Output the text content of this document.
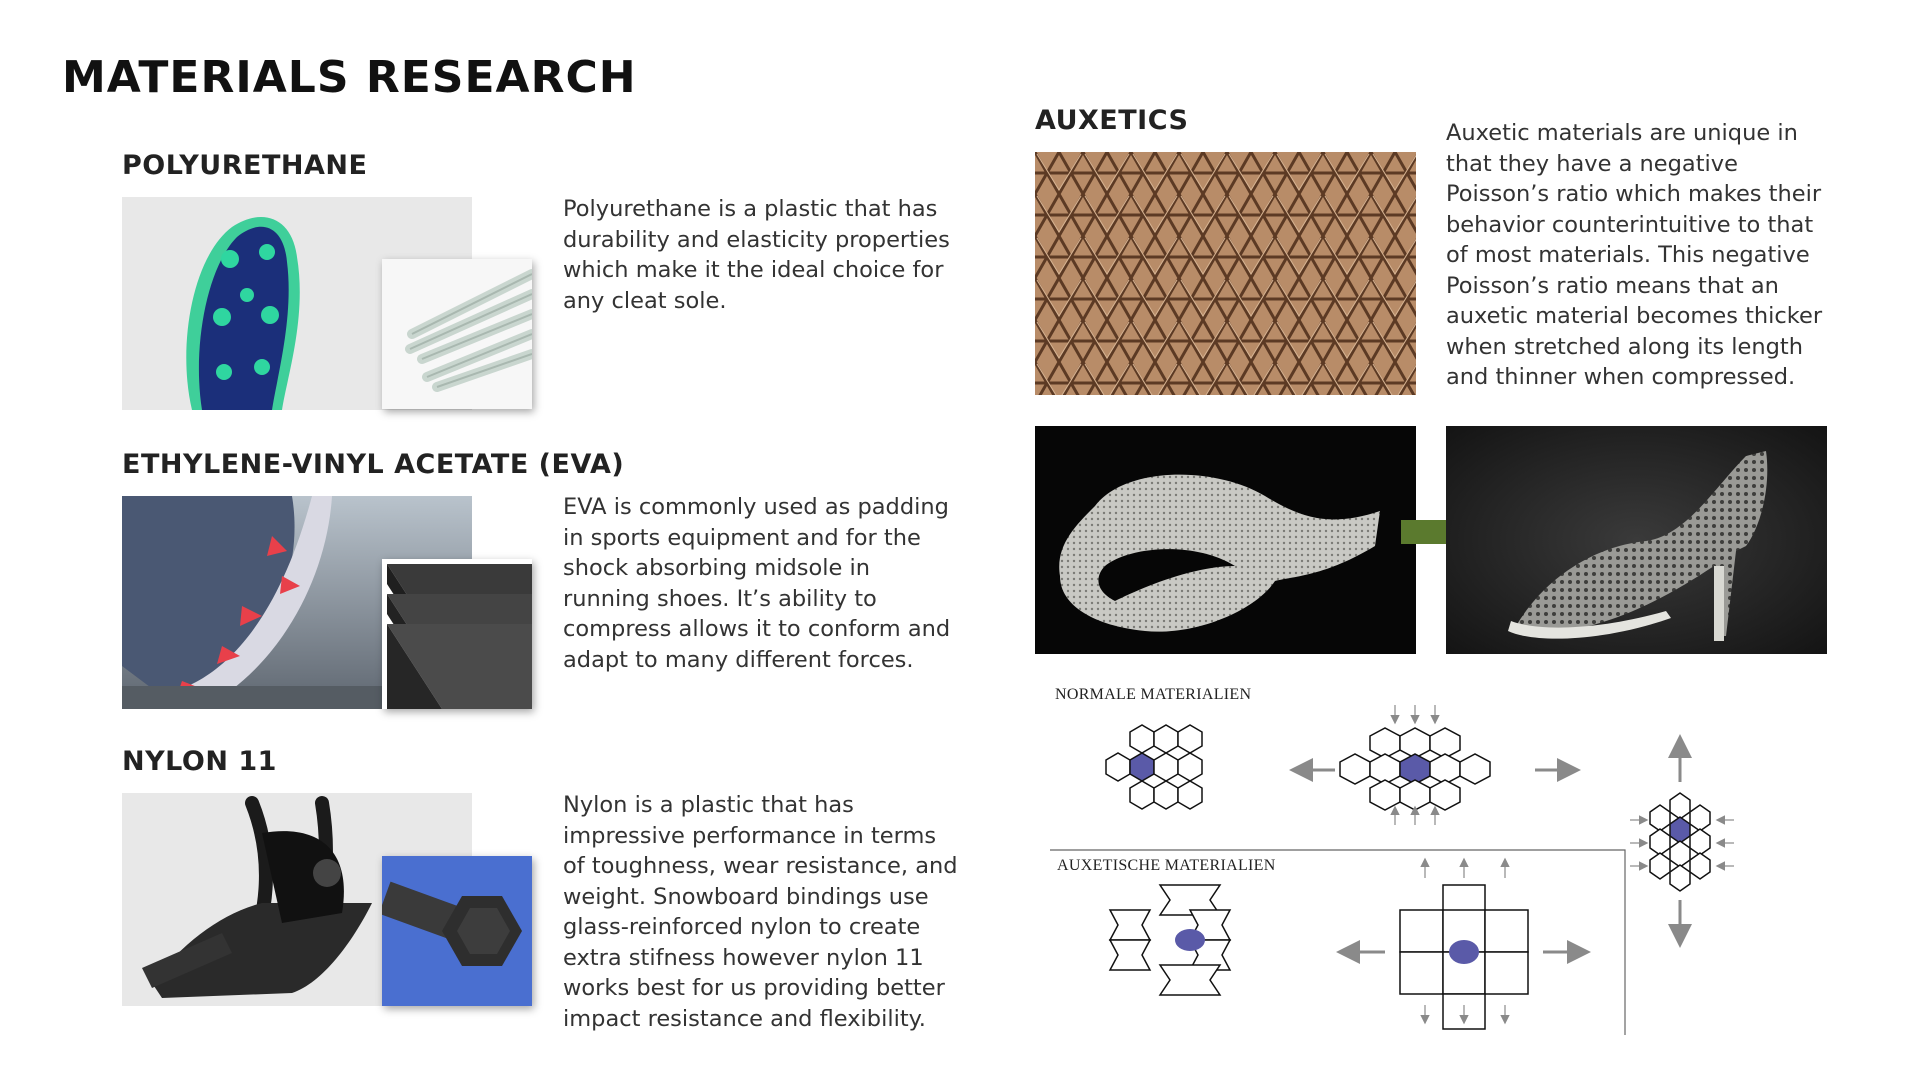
MATERIALS RESEARCH
POLYURETHANE
Polyurethane is a plastic that has durability and elasticity properties which make it the ideal choice for any cleat sole.
ETHYLENE-VINYL ACETATE (EVA)
EVA is commonly used as padding in sports equipment and for the shock absorbing midsole in running shoes. It’s ability to compress allows it to conform and adapt to many different forces.
NYLON 11
Nylon is a plastic that has impressive performance in terms of toughness, wear resistance, and weight. Snowboard bindings use glass-reinforced nylon to create extra stifness however nylon 11 works best for us providing better impact resistance and flexibility.
AUXETICS	Auxetic materials are unique in that they have a negative Poisson’s ratio which makes their behavior counterintuitive to that of most materials. This negative Poisson’s ratio means that an auxetic material becomes thicker when stretched along its length and thinner when compressed.
NORMALE MATERIALIEN
AUXETISCHE MATERIALIEN
